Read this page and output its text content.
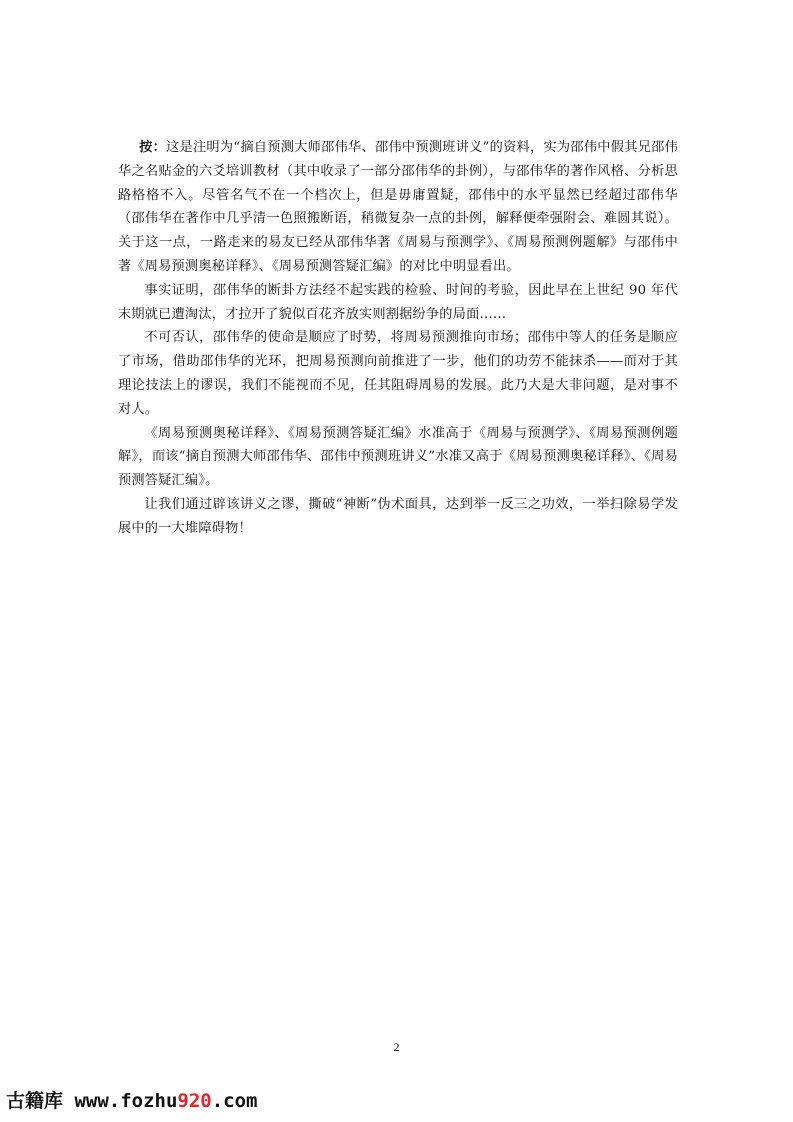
按：这是注明为“摘自预测大师邵伟华、邵伟中预测班讲义”的资料，实为邵伟中假其兄邵伟华之名贴金的六爻培训教材（其中收录了一部分邵伟华的卦例），与邵伟华的著作风格、分析思路格格不入。尽管名气不在一个档次上，但是毋庸置疑，邵伟中的水平显然已经超过邵伟华（邵伟华在著作中几乎清一色照搬断语，稍微复杂一点的卦例，解释便牵强附会、难圆其说）。关于这一点，一路走来的易友已经从邵伟华著《周易与预测学》、《周易预测例题解》与邵伟中著《周易预测奥秘详释》、《周易预测答疑汇编》的对比中明显看出。

事实证明，邵伟华的断卦方法经不起实践的检验、时间的考验，因此早在上世纪 90 年代末期就已遭淘汰，才拉开了貌似百花齐放实则割据纷争的局面……

不可否认，邵伟华的使命是顺应了时势，将周易预测推向市场；邵伟中等人的任务是顺应了市场，借助邵伟华的光环，把周易预测向前推进了一步，他们的功劳不能抹杀——而对于其理论技法上的谬误，我们不能视而不见，任其阻碍周易的发展。此乃大是大非问题，是对事不对人。

《周易预测奥秘详释》、《周易预测答疑汇编》水准高于《周易与预测学》、《周易预测例题解》，而该“摘自预测大师邵伟华、邵伟中预测班讲义”水准又高于《周易预测奥秘详释》、《周易预测答疑汇编》。

让我们通过辟该讲义之谬，撕破“神断”伪术面具，达到举一反三之功效，一举扫除易学发展中的一大堆障碍物！

2
古籍库 www.fozhu920.com
